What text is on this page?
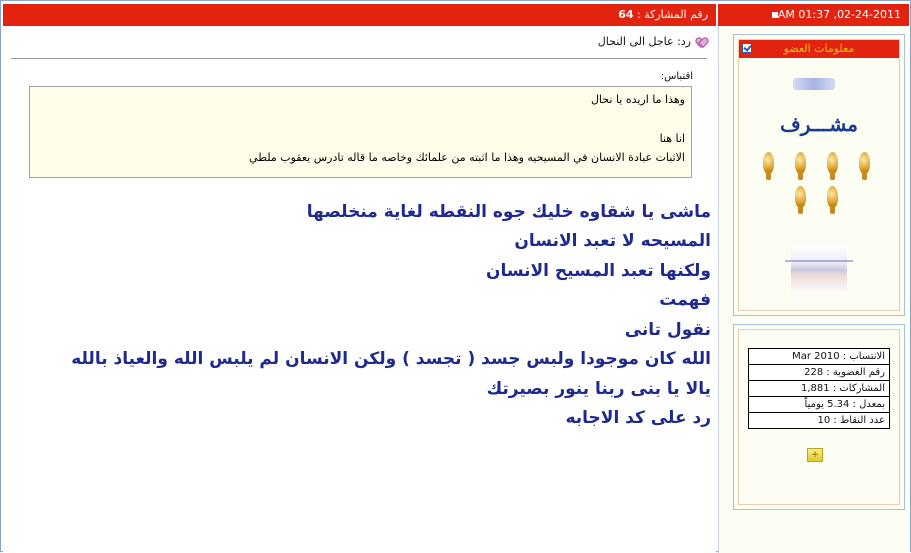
رقم المشاركة : 64	02-24-2011, 01:37 AM
رد: عاجل الى النحال
اقتباس:
وهذا ما اريده يا نحال
انا هنا
الاثبات عبادة الانسان في المسيحيه وهذا ما اثبته من علمائك وخاصه ما قاله تادرس يعقوب ملطي
ماشى يا شقاوه خليك جوه النقطه لغاية منخلصها
المسيحه لا تعبد الانسان
ولكنها تعبد المسيح الانسان
فهمت
نقول تانى
الله كان موجودا ولبس جسد ( تجسد ) ولكن الانسان لم يلبس الله والعياذ بالله
يالا يا بنى ربنا ينور بصيرتك
رد على كد الاجابه
معلومات العضو
مشـــرف
الانتساب : Mar 2010
رقم العضوية : 228
المشاركات : 1,881
بمعدل : 5.34 يومياً
عدد النقاط : 10
+
